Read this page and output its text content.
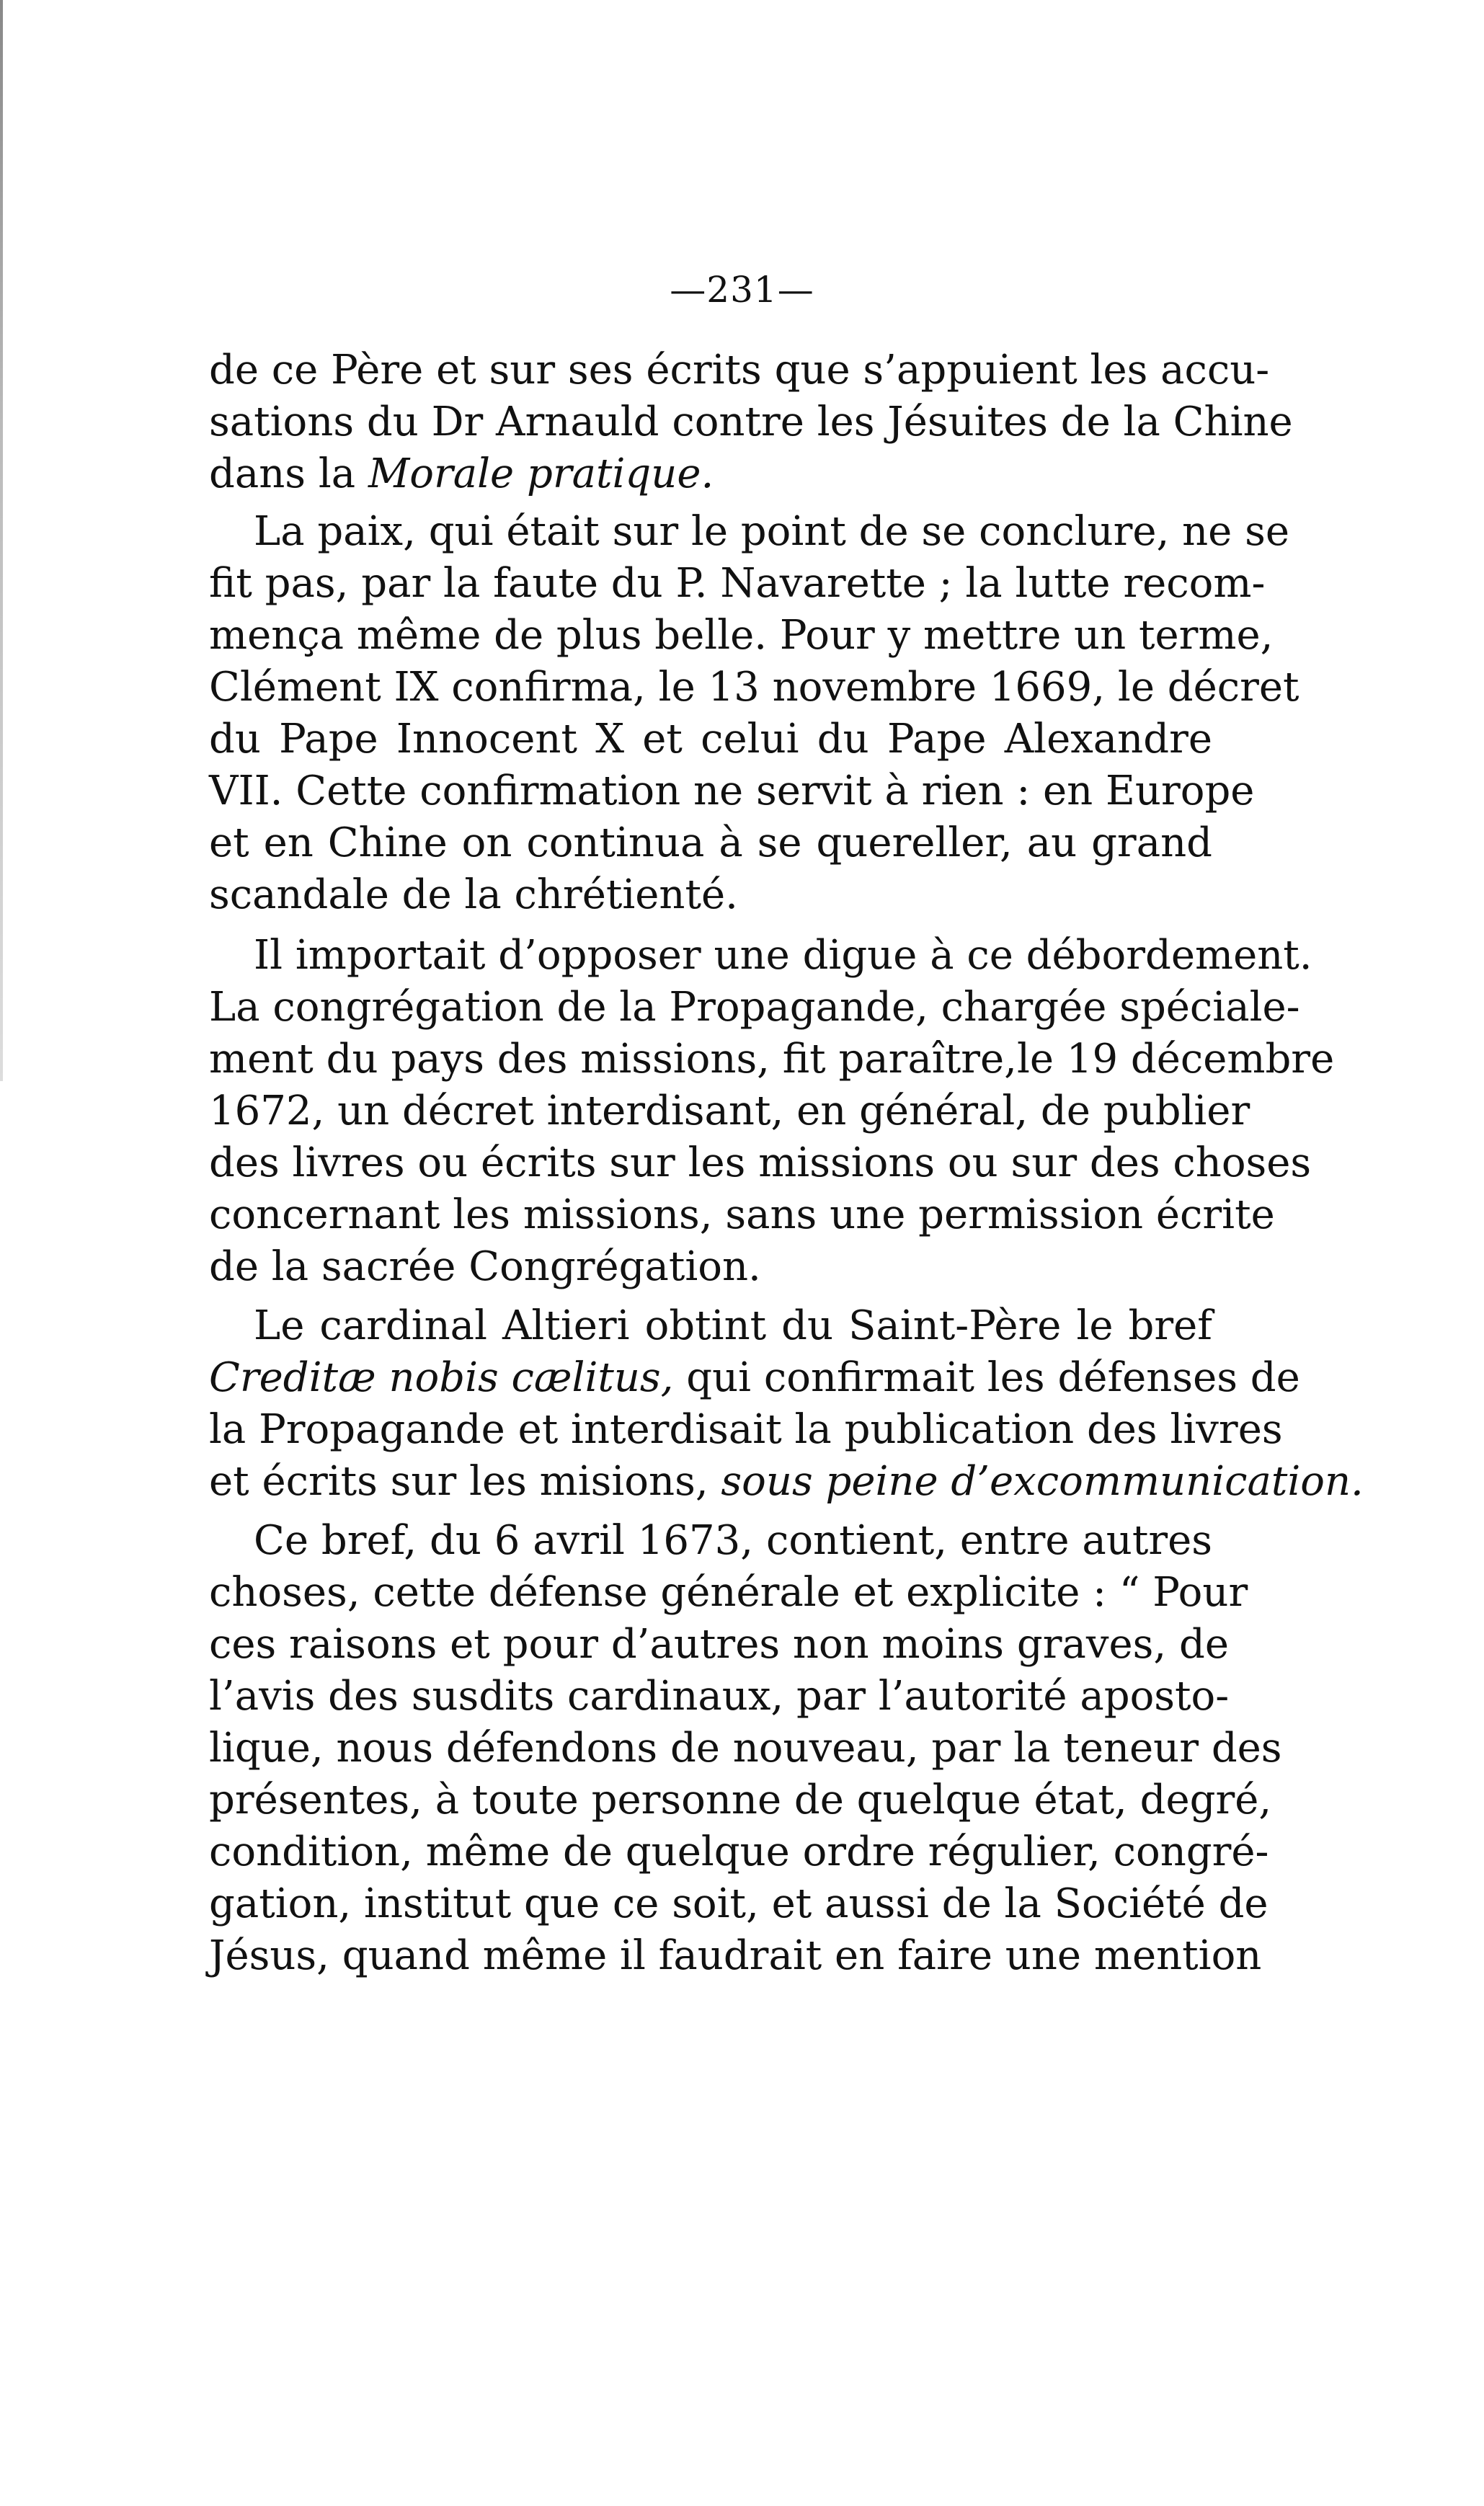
—231—
de ce Père et sur ses écrits que s’appuient les accu-
sations du Dr Arnauld contre les Jésuites de la Chine
dans la Morale pratique.
La paix, qui était sur le point de se conclure, ne se
fit pas, par la faute du P. Navarette ; la lutte recom-
mença même de plus belle. Pour y mettre un terme,
Clément IX confirma, le 13 novembre 1669, le décret
du Pape Innocent X et celui du Pape Alexandre
VII. Cette confirmation ne servit à rien : en Europe
et en Chine on continua à se quereller, au grand
scandale de la chrétienté.
Il importait d’opposer une digue à ce débordement.
La congrégation de la Propagande, chargée spéciale-
ment du pays des missions, fit paraître,le 19 décembre
1672, un décret interdisant, en général, de publier
des livres ou écrits sur les missions ou sur des choses
concernant les missions, sans une permission écrite
de la sacrée Congrégation.
Le cardinal Altieri obtint du Saint-Père le bref
Creditæ nobis cælitus, qui confirmait les défenses de
la Propagande et interdisait la publication des livres
et écrits sur les misions, sous peine d’excommunication.
Ce bref, du 6 avril 1673, contient, entre autres
choses, cette défense générale et explicite : “ Pour
ces raisons et pour d’autres non moins graves, de
l’avis des susdits cardinaux, par l’autorité aposto-
lique, nous défendons de nouveau, par la teneur des
présentes, à toute personne de quelque état, degré,
condition, même de quelque ordre régulier, congré-
gation, institut que ce soit, et aussi de la Société de
Jésus, quand même il faudrait en faire une mention
